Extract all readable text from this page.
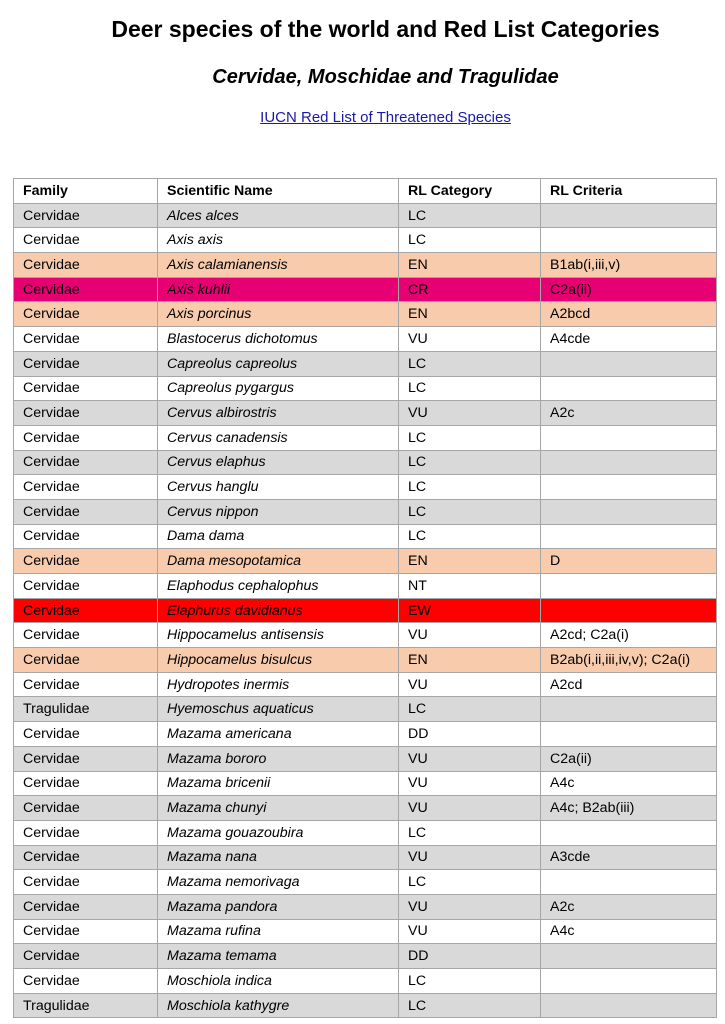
Deer species of the world and Red List Categories
Cervidae, Moschidae and Tragulidae
IUCN Red List of Threatened Species
Family	Scientific Name	RL Category	RL Criteria
Cervidae	Alces alces	LC	
Cervidae	Axis axis	LC	
Cervidae	Axis calamianensis	EN	B1ab(i,iii,v)
Cervidae	Axis kuhlii	CR	C2a(ii)
Cervidae	Axis porcinus	EN	A2bcd
Cervidae	Blastocerus dichotomus	VU	A4cde
Cervidae	Capreolus capreolus	LC	
Cervidae	Capreolus pygargus	LC	
Cervidae	Cervus albirostris	VU	A2c
Cervidae	Cervus canadensis	LC	
Cervidae	Cervus elaphus	LC	
Cervidae	Cervus hanglu	LC	
Cervidae	Cervus nippon	LC	
Cervidae	Dama dama	LC	
Cervidae	Dama mesopotamica	EN	D
Cervidae	Elaphodus cephalophus	NT	
Cervidae	Elaphurus davidianus	EW	
Cervidae	Hippocamelus antisensis	VU	A2cd; C2a(i)
Cervidae	Hippocamelus bisulcus	EN	B2ab(i,ii,iii,iv,v); C2a(i)
Cervidae	Hydropotes inermis	VU	A2cd
Tragulidae	Hyemoschus aquaticus	LC	
Cervidae	Mazama americana	DD	
Cervidae	Mazama bororo	VU	C2a(ii)
Cervidae	Mazama bricenii	VU	A4c
Cervidae	Mazama chunyi	VU	A4c; B2ab(iii)
Cervidae	Mazama gouazoubira	LC	
Cervidae	Mazama nana	VU	A3cde
Cervidae	Mazama nemorivaga	LC	
Cervidae	Mazama pandora	VU	A2c
Cervidae	Mazama rufina	VU	A4c
Cervidae	Mazama temama	DD	
Cervidae	Moschiola indica	LC	
Tragulidae	Moschiola kathygre	LC	
